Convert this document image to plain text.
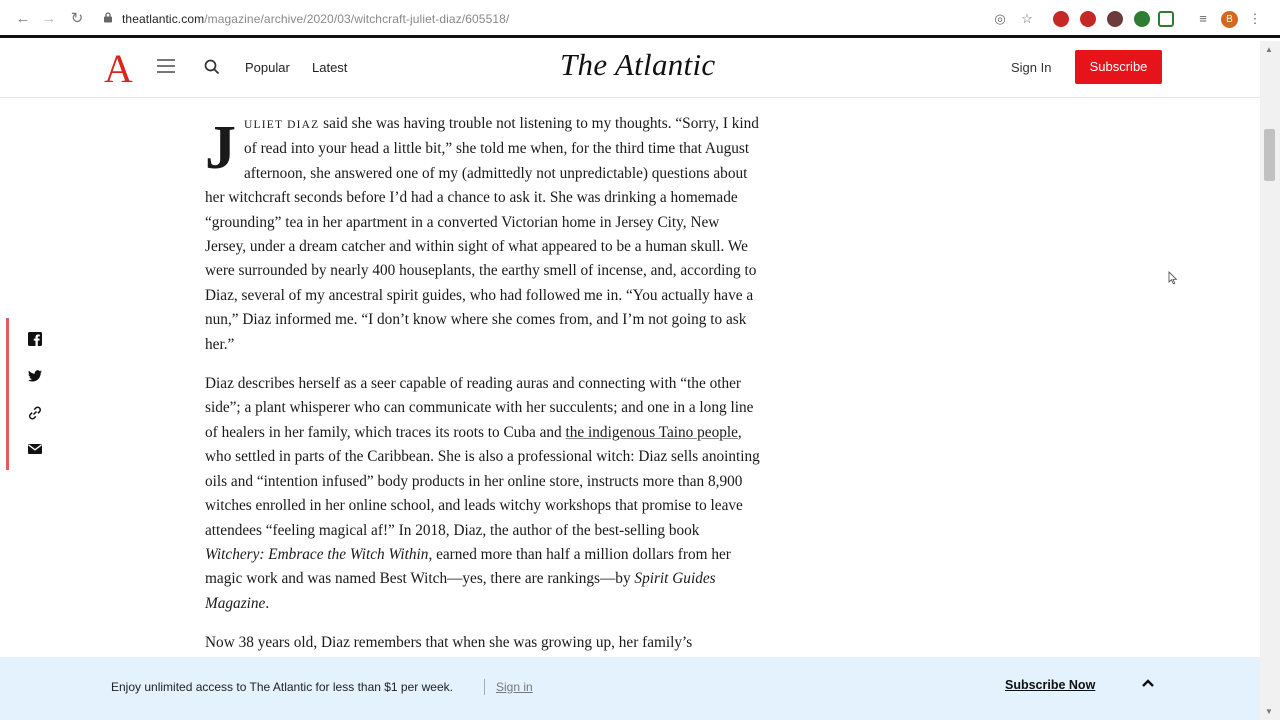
← → ↻	theatlantic.com/magazine/archive/2020/03/witchcraft-juliet-diaz/605518/	◎ ☆	≡	B	⋮
A	Popular Latest	The Atlantic	Sign In	Subscribe

JULIET DIAZ said she was having trouble not listening to my thoughts. “Sorry, I kind of read into your head a little bit,” she told me when, for the third time that August afternoon, she answered one of my (admittedly not unpredictable) questions about her witchcraft seconds before I’d had a chance to ask it. She was drinking a homemade “grounding” tea in her apartment in a converted Victorian home in Jersey City, New Jersey, under a dream catcher and within sight of what appeared to be a human skull. We were surrounded by nearly 400 houseplants, the earthy smell of incense, and, according to Diaz, several of my ancestral spirit guides, who had followed me in. “You actually have a nun,” Diaz informed me. “I don’t know where she comes from, and I’m not going to ask her.”

Diaz describes herself as a seer capable of reading auras and connecting with “the other side”; a plant whisperer who can communicate with her succulents; and one in a long line of healers in her family, which traces its roots to Cuba and the indigenous Taino people, who settled in parts of the Caribbean. She is also a professional witch: Diaz sells anointing oils and “intention infused” body products in her online store, instructs more than 8,900 witches enrolled in her online school, and leads witchy workshops that promise to leave attendees “feeling magical af!” In 2018, Diaz, the author of the best-selling book Witchery: Embrace the Witch Within, earned more than half a million dollars from her magic work and was named Best Witch—yes, there are rankings—by Spirit Guides Magazine.

Now 38 years old, Diaz remembers that when she was growing up, her family’s

▲
▼
Enjoy unlimited access to The Atlantic for less than $1 per week.	Sign in	Subscribe Now
